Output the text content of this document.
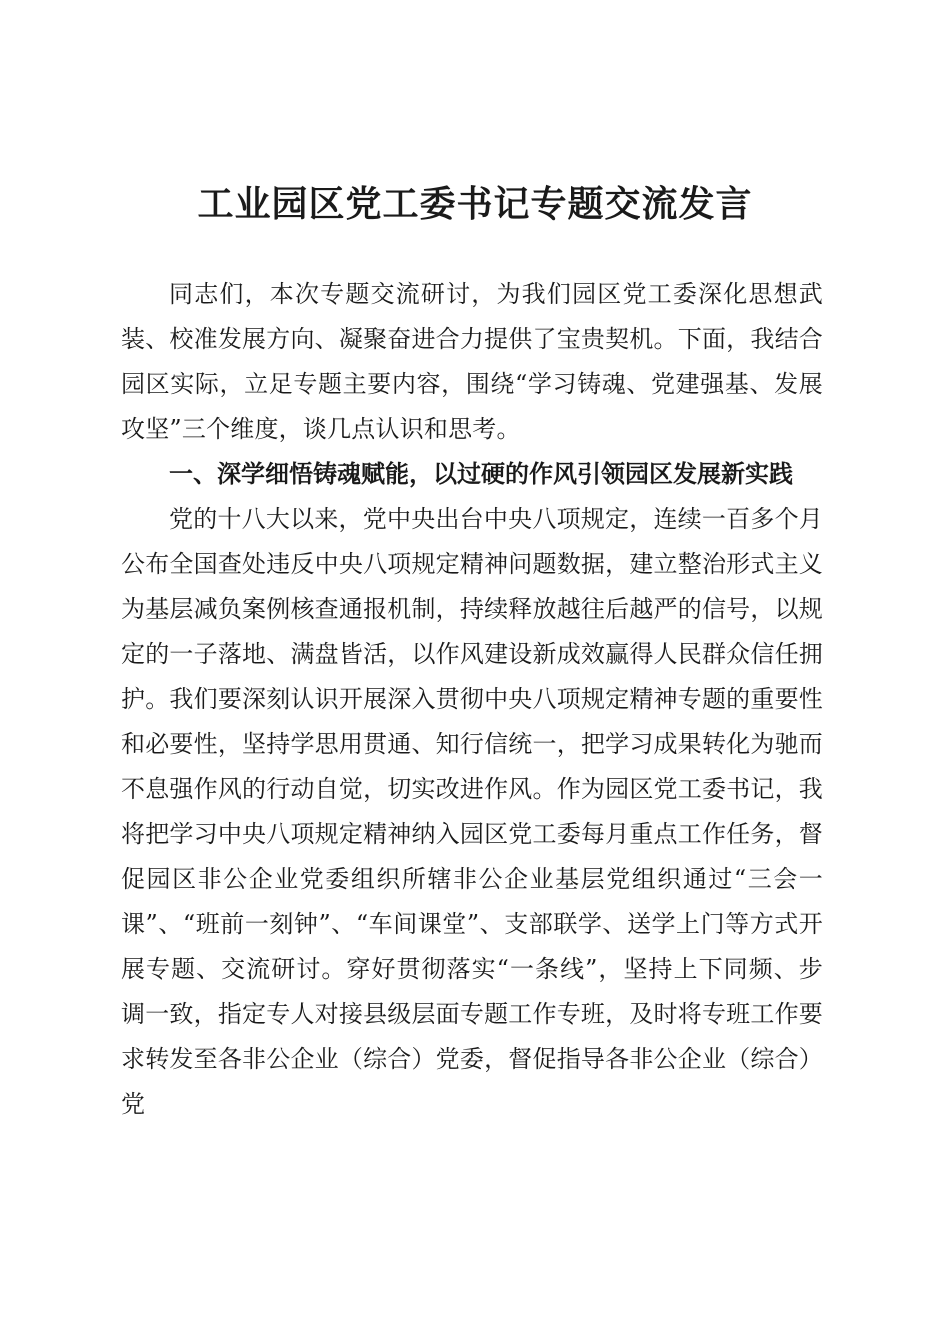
工业园区党工委书记专题交流发言

同志们，本次专题交流研讨，为我们园区党工委深化思想武装、校准发展方向、凝聚奋进合力提供了宝贵契机。下面，我结合园区实际，立足专题主要内容，围绕“学习铸魂、党建强基、发展攻坚”三个维度，谈几点认识和思考。

一、深学细悟铸魂赋能，以过硬的作风引领园区发展新实践

党的十八大以来，党中央出台中央八项规定，连续一百多个月公布全国查处违反中央八项规定精神问题数据，建立整治形式主义为基层减负案例核查通报机制，持续释放越往后越严的信号，以规定的一子落地、满盘皆活，以作风建设新成效赢得人民群众信任拥护。我们要深刻认识开展深入贯彻中央八项规定精神专题的重要性和必要性，坚持学思用贯通、知行信统一，把学习成果转化为驰而不息强作风的行动自觉，切实改进作风。作为园区党工委书记，我将把学习中央八项规定精神纳入园区党工委每月重点工作任务，督促园区非公企业党委组织所辖非公企业基层党组织通过“三会一课”、“班前一刻钟”、“车间课堂”、支部联学、送学上门等方式开展专题、交流研讨。穿好贯彻落实“一条线”，坚持上下同频、步调一致，指定专人对接县级层面专题工作专班，及时将专班工作要求转发至各非公企业（综合）党委，督促指导各非公企业（综合）党
